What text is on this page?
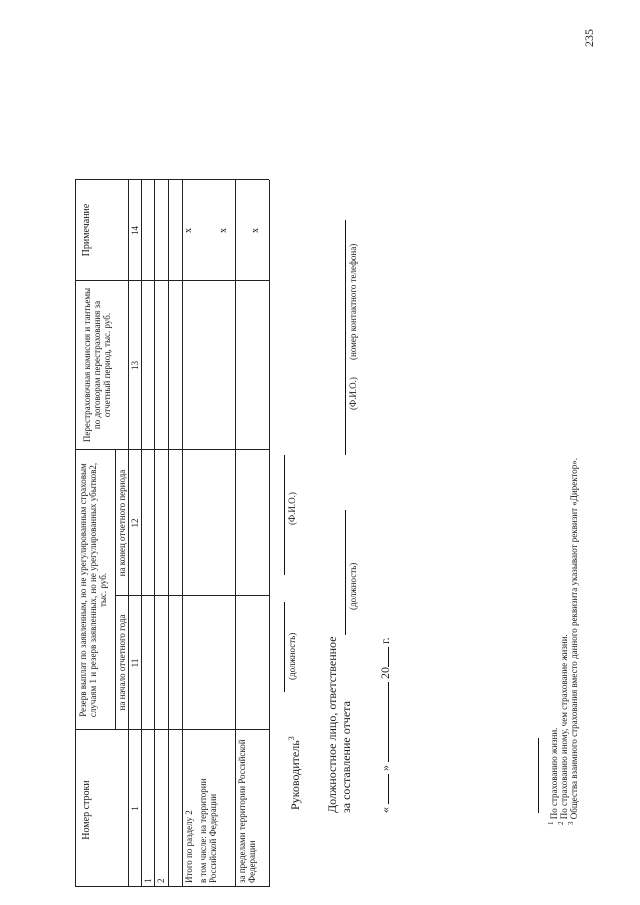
235
Номер строки
Резерв выплат по заявленным, но не урегулированным страховым случаям 1 и резерв заявленных, но не урегулированных убытков2, тыс. руб.
на начало отчетного года
на конец отчетного периода
Перестраховочная комиссия и тантьемы по договорам перестрахования за отчетный период, тыс. руб.
Примечание
1
11
12
13
14
1 2 Итого по разделу 2 в том числе: на территории Российской Федерации за пределами территории Российской Федерации
х х х
Руководитель$^3$
(должность)
(Ф.И.О.)
Должностное лицо, ответственное за составление отчета
(должность)
(Ф.И.О.)
(номер контактного телефона)
«  »  20 г.
$^1$ По страхованию жизни.
$^2$ По страхованию иному, чем страхование жизни.
$^3$ Общества взаимного страхования вместо данного реквизита указывают реквизит «Директор».
